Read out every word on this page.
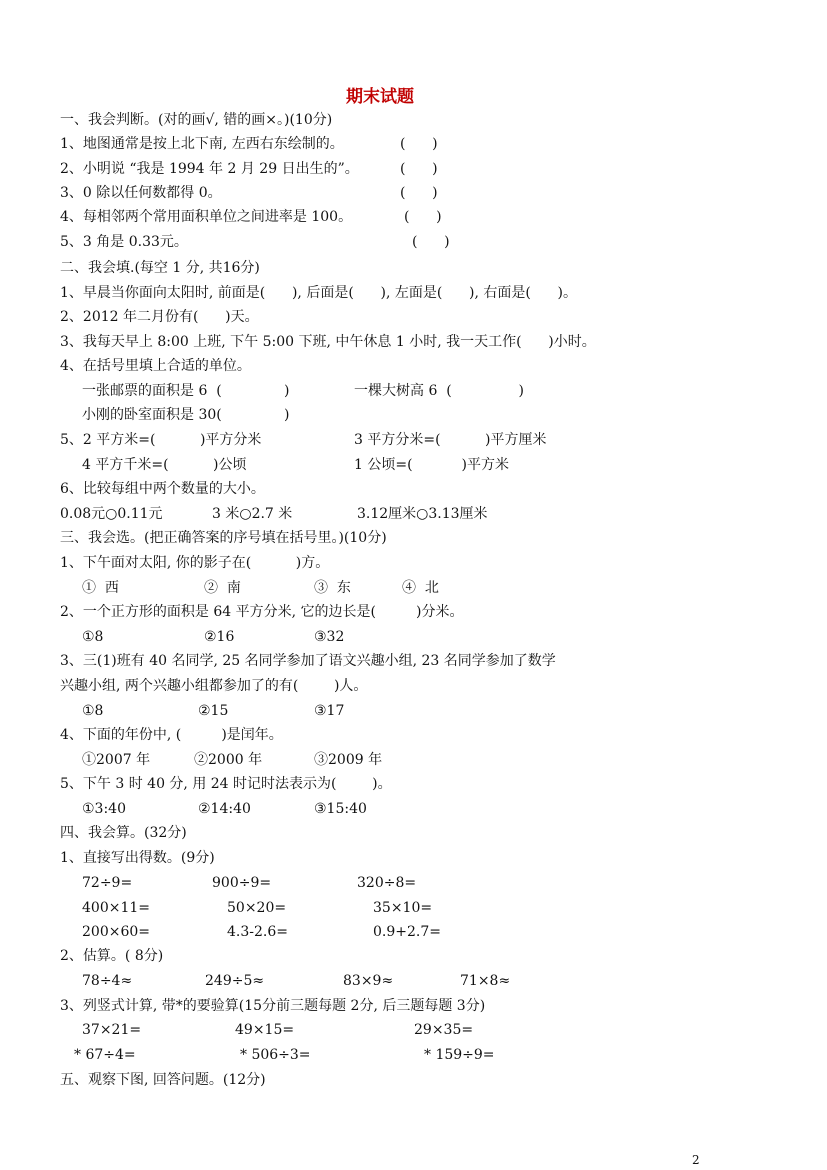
期末试题
一、我会判断。(对的画√, 错的画×。)(10分)
1、地图通常是按上北下南, 左西右东绘制的。	(      )
2、小明说 “我是 1994 年 2 月 29 日出生的”。	(      )
3、0 除以任何数都得 0。	(      )
4、每相邻两个常用面积单位之间进率是 100。	(      )
5、3 角是 0.33元。	(      )
二、我会填.(每空 1 分, 共16分)
1、早晨当你面向太阳时, 前面是(      ), 后面是(      ), 左面是(      ), 右面是(      )。
2、2012 年二月份有(      )天。
3、我每天早上 8:00 上班, 下午 5:00 下班, 中午休息 1 小时, 我一天工作(      )小时。
4、在括号里填上合适的单位。
一张邮票的面积是 6  (              )	一棵大树高 6  (               )
小刚的卧室面积是 30(              )
5、2 平方米=(          )平方分米	3 平方分米=(          )平方厘米
4 平方千米=(          )公顷	1 公顷=(           )平方米
6、比较每组中两个数量的大小。
0.08元○0.11元	3 米○2.7 米	3.12厘米○3.13厘米
三、我会选。(把正确答案的序号填在括号里。)(10分)
1、下午面对太阳, 你的影子在(          )方。
①  西	②  南	③  东	④  北
2、一个正方形的面积是 64 平方分米, 它的边长是(         )分米。
①8	②16	③32
3、三(1)班有 40 名同学, 25 名同学参加了语文兴趣小组, 23 名同学参加了数学
兴趣小组, 两个兴趣小组都参加了的有(        )人。
①8	②15	③17
4、下面的年份中, (         )是闰年。
①2007 年	②2000 年	③2009 年
5、下午 3 时 40 分, 用 24 时记时法表示为(        )。
①3:40	②14:40	③15:40
四、我会算。(32分)
1、直接写出得数。(9分)
72÷9=	900÷9=	320÷8=
400×11=	50×20=	35×10=
200×60=	4.3-2.6=	0.9+2.7=
2、估算。( 8分)
78÷4≈	249÷5≈	83×9≈	71×8≈
3、列竖式计算, 带*的要验算(15分前三题每题 2分, 后三题每题 3分)
37×21=	49×15=	29×35=
* 67÷4=	* 506÷3=	* 159÷9=
五、观察下图, 回答问题。(12分)
2
